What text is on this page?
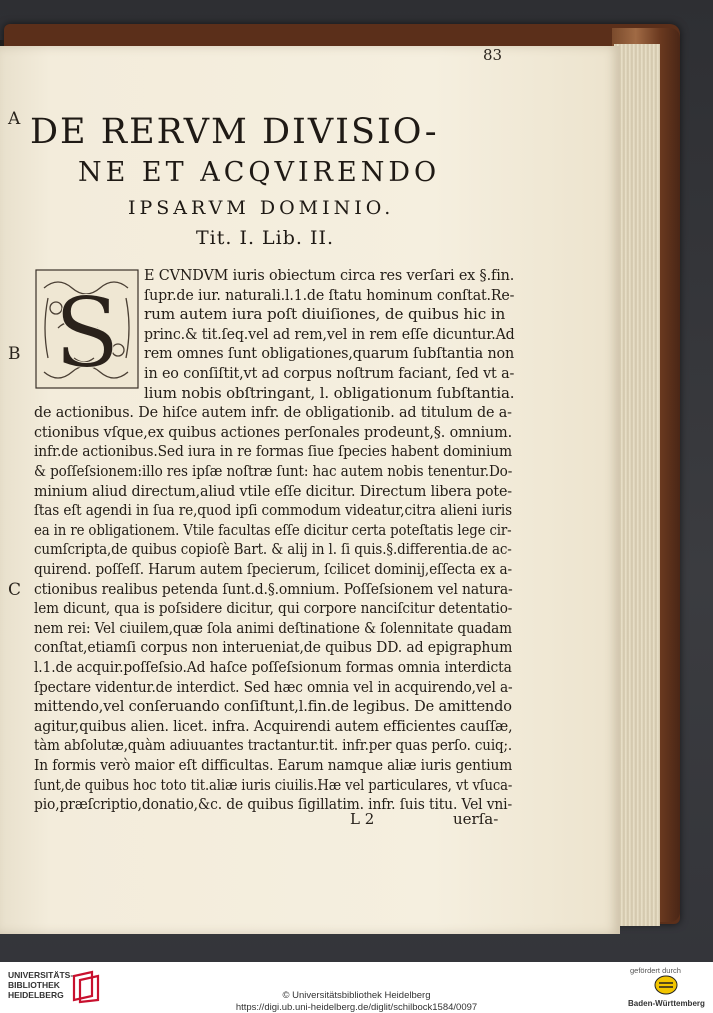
83
A
B
C
DE RERVM DIVISIO-
NE ET ACQVIRENDO
IPSARVM DOMINIO.
Tit. I. Lib. II.
S
E CVNDVM iuris obiectum circa res verſari ex §.fin.
ſupr.de iur. naturali.l.1.de ſtatu hominum conſtat.Re-
rum autem iura poſt diuiſiones, de quibus hic in
princ.& tit.ſeq.vel ad rem,vel in rem eſſe dicuntur.Ad
rem omnes ſunt obligationes,quarum ſubſtantia non
in eo conſiſtit,vt ad corpus noſtrum faciant, ſed vt a-
lium nobis obſtringant, l. obligationum ſubſtantia.
de actionibus. De hiſce autem infr. de obligationib. ad titulum de a-
ctionibus vſque,ex quibus actiones perſonales prodeunt,§. omnium.
infr.de actionibus.Sed iura in re formas ſiue ſpecies habent dominium
& poſſeſsionem:illo res ipſæ noſtræ ſunt: hac autem nobis tenentur.Do-
minium aliud directum,aliud vtile eſſe dicitur. Directum libera pote-
ſtas eſt agendi in ſua re,quod ipſi commodum videatur,citra alieni iuris
ea in re obligationem. Vtile facultas eſſe dicitur certa poteſtatis lege cir-
cumſcripta,de quibus copioſè Bart. & alij in l. ſi quis.§.differentia.de ac-
quirend. poſſeſſ. Harum autem ſpecierum, ſcilicet dominij,eſſecta ex a-
ctionibus realibus petenda ſunt.d.§.omnium. Poſſeſsionem vel natura-
lem dicunt, qua is poſsidere dicitur, qui corpore nanciſcitur detentatio-
nem rei: Vel ciuilem,quæ ſola animi deſtinatione & ſolennitate quadam
conſtat,etiamſi corpus non interueniat,de quibus DD. ad epigraphum
l.1.de acquir.poſſeſsio.Ad haſce poſſeſsionum formas omnia interdicta
ſpectare videntur.de interdict. Sed hæc omnia vel in acquirendo,vel a-
mittendo,vel conſeruando conſiſtunt,l.fin.de legibus. De amittendo
agitur,quibus alien. licet. infra. Acquirendi autem efficientes cauſſæ,
tàm abſolutæ,quàm adiuuantes tractantur.tit. infr.per quas perſo. cuiq;.
In formis verò maior eſt difficultas. Earum namque aliæ iuris gentium
ſunt,de quibus hoc toto tit.aliæ iuris ciuilis.Hæ vel particulares, vt vſuca-
pio,præſcriptio,donatio,&c. de quibus ſigillatim. infr. ſuis titu. Vel vni-
L 2	uerſa-
UNIVERSITÄTS-
BIBLIOTHEK
HEIDELBERG	© Universitätsbibliothek Heidelberg
https://digi.ub.uni-heidelberg.de/diglit/schilbock1584/0097
gefördert durch
Baden-Württemberg
